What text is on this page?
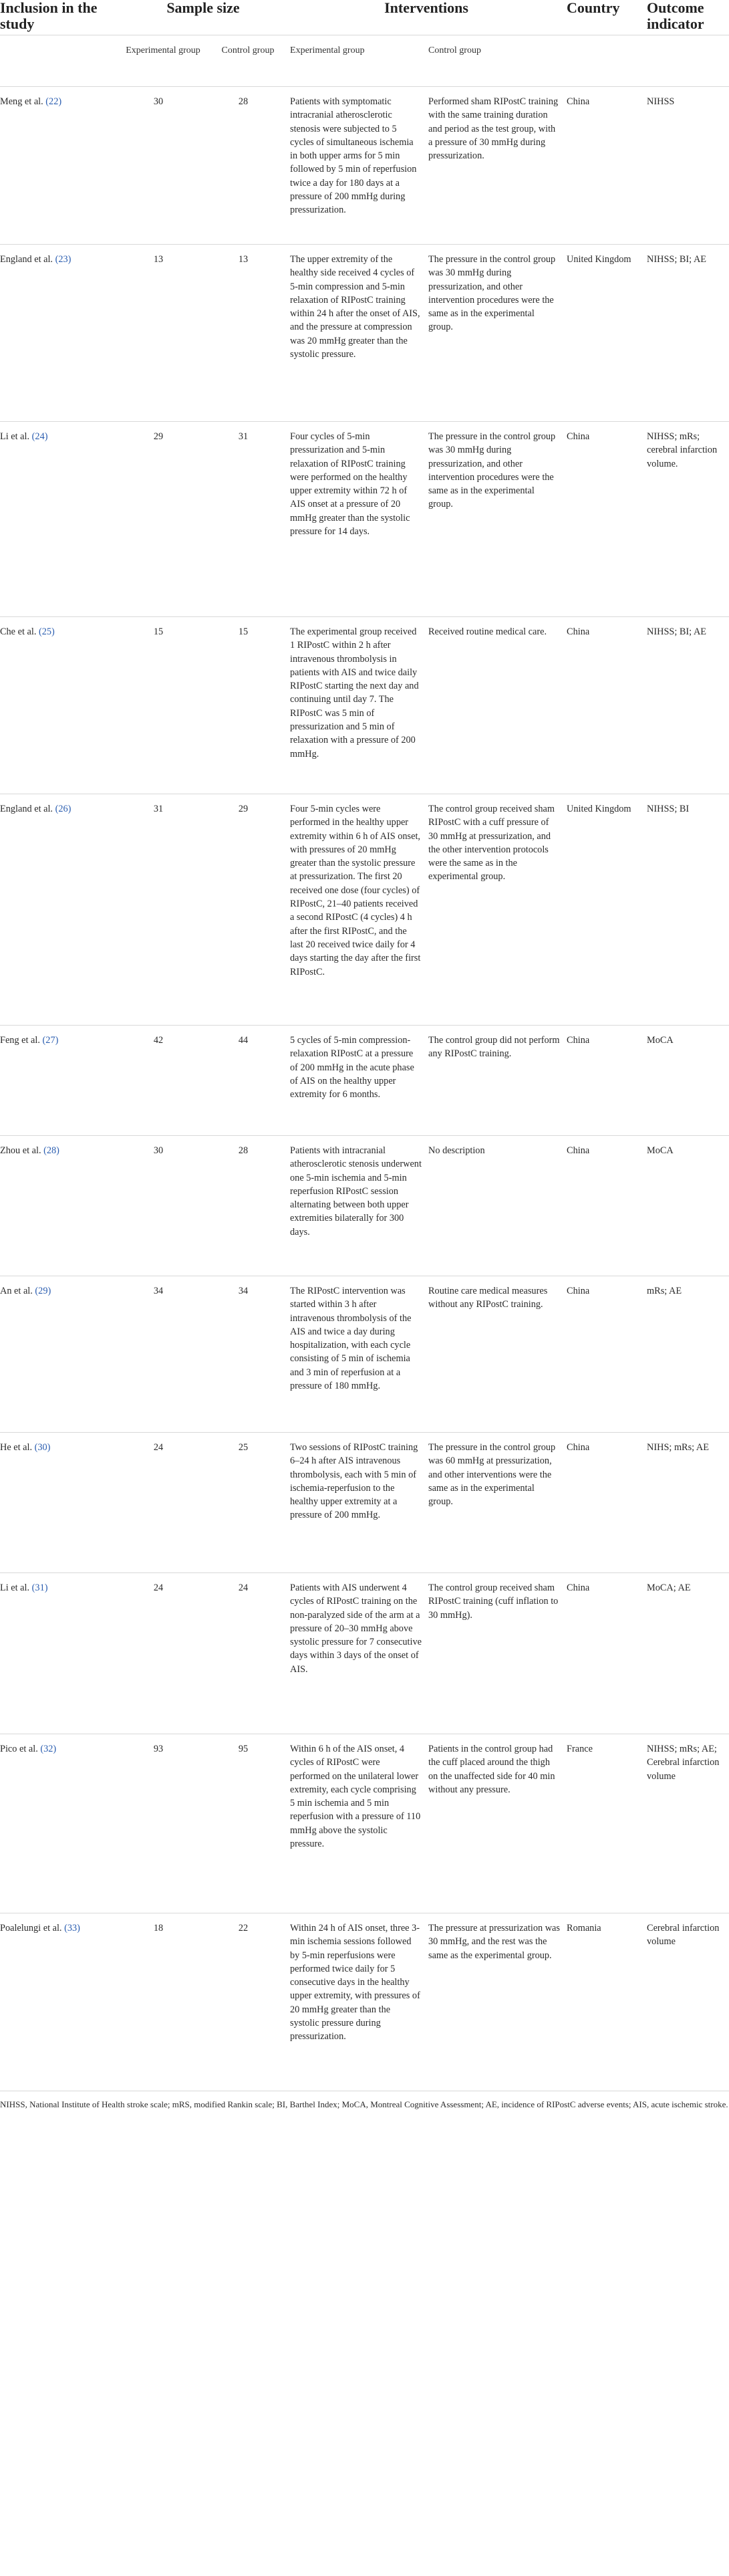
Inclusion in the study	Sample size		Interventions		Country	Outcome indicator
	Experimental group	Control group	Experimental group	Control group		
Meng et al. (22)	30	28	Patients with symptomatic intracranial atherosclerotic stenosis were subjected to 5 cycles of simultaneous ischemia in both upper arms for 5 min followed by 5 min of reperfusion twice a day for 180 days at a pressure of 200 mmHg during pressurization.	Performed sham RIPostC training with the same training duration and period as the test group, with a pressure of 30 mmHg during pressurization.	China	NIHSS
England et al. (23)	13	13	The upper extremity of the healthy side received 4 cycles of 5-min compression and 5-min relaxation of RIPostC training within 24 h after the onset of AIS, and the pressure at compression was 20 mmHg greater than the systolic pressure.	The pressure in the control group was 30 mmHg during pressurization, and other intervention procedures were the same as in the experimental group.	United Kingdom	NIHSS; BI; AE
Li et al. (24)	29	31	Four cycles of 5-min pressurization and 5-min relaxation of RIPostC training were performed on the healthy upper extremity within 72 h of AIS onset at a pressure of 20 mmHg greater than the systolic pressure for 14 days.	The pressure in the control group was 30 mmHg during pressurization, and other intervention procedures were the same as in the experimental group.	China	NIHSS; mRs; cerebral infarction volume.
Che et al. (25)	15	15	The experimental group received 1 RIPostC within 2 h after intravenous thrombolysis in patients with AIS and twice daily RIPostC starting the next day and continuing until day 7. The RIPostC was 5 min of pressurization and 5 min of relaxation with a pressure of 200 mmHg.	Received routine medical care.	China	NIHSS; BI; AE
England et al. (26)	31	29	Four 5-min cycles were performed in the healthy upper extremity within 6 h of AIS onset, with pressures of 20 mmHg greater than the systolic pressure at pressurization. The first 20 received one dose (four cycles) of RIPostC, 21–40 patients received a second RIPostC (4 cycles) 4 h after the first RIPostC, and the last 20 received twice daily for 4 days starting the day after the first RIPostC.	The control group received sham RIPostC with a cuff pressure of 30 mmHg at pressurization, and the other intervention protocols were the same as in the experimental group.	United Kingdom	NIHSS; BI
Feng et al. (27)	42	44	5 cycles of 5-min compression-relaxation RIPostC at a pressure of 200 mmHg in the acute phase of AIS on the healthy upper extremity for 6 months.	The control group did not perform any RIPostC training.	China	MoCA
Zhou et al. (28)	30	28	Patients with intracranial atherosclerotic stenosis underwent one 5-min ischemia and 5-min reperfusion RIPostC session alternating between both upper extremities bilaterally for 300 days.	No description	China	MoCA
An et al. (29)	34	34	The RIPostC intervention was started within 3 h after intravenous thrombolysis of the AIS and twice a day during hospitalization, with each cycle consisting of 5 min of ischemia and 3 min of reperfusion at a pressure of 180 mmHg.	Routine care medical measures without any RIPostC training.	China	mRs; AE
He et al. (30)	24	25	Two sessions of RIPostC training 6–24 h after AIS intravenous thrombolysis, each with 5 min of ischemia-reperfusion to the healthy upper extremity at a pressure of 200 mmHg.	The pressure in the control group was 60 mmHg at pressurization, and other interventions were the same as in the experimental group.	China	NIHS; mRs; AE
Li et al. (31)	24	24	Patients with AIS underwent 4 cycles of RIPostC training on the non-paralyzed side of the arm at a pressure of 20–30 mmHg above systolic pressure for 7 consecutive days within 3 days of the onset of AIS.	The control group received sham RIPostC training (cuff inflation to 30 mmHg).	China	MoCA; AE
Pico et al. (32)	93	95	Within 6 h of the AIS onset, 4 cycles of RIPostC were performed on the unilateral lower extremity, each cycle comprising 5 min ischemia and 5 min reperfusion with a pressure of 110 mmHg above the systolic pressure.	Patients in the control group had the cuff placed around the thigh on the unaffected side for 40 min without any pressure.	France	NIHSS; mRs; AE; Cerebral infarction volume
Poalelungi et al. (33)	18	22	Within 24 h of AIS onset, three 3-min ischemia sessions followed by 5-min reperfusions were performed twice daily for 5 consecutive days in the healthy upper extremity, with pressures of 20 mmHg greater than the systolic pressure during pressurization.	The pressure at pressurization was 30 mmHg, and the rest was the same as the experimental group.	Romania	Cerebral infarction volume
NIHSS, National Institute of Health stroke scale; mRS, modified Rankin scale; BI, Barthel Index; MoCA, Montreal Cognitive Assessment; AE, incidence of RIPostC adverse events; AIS, acute ischemic stroke.
